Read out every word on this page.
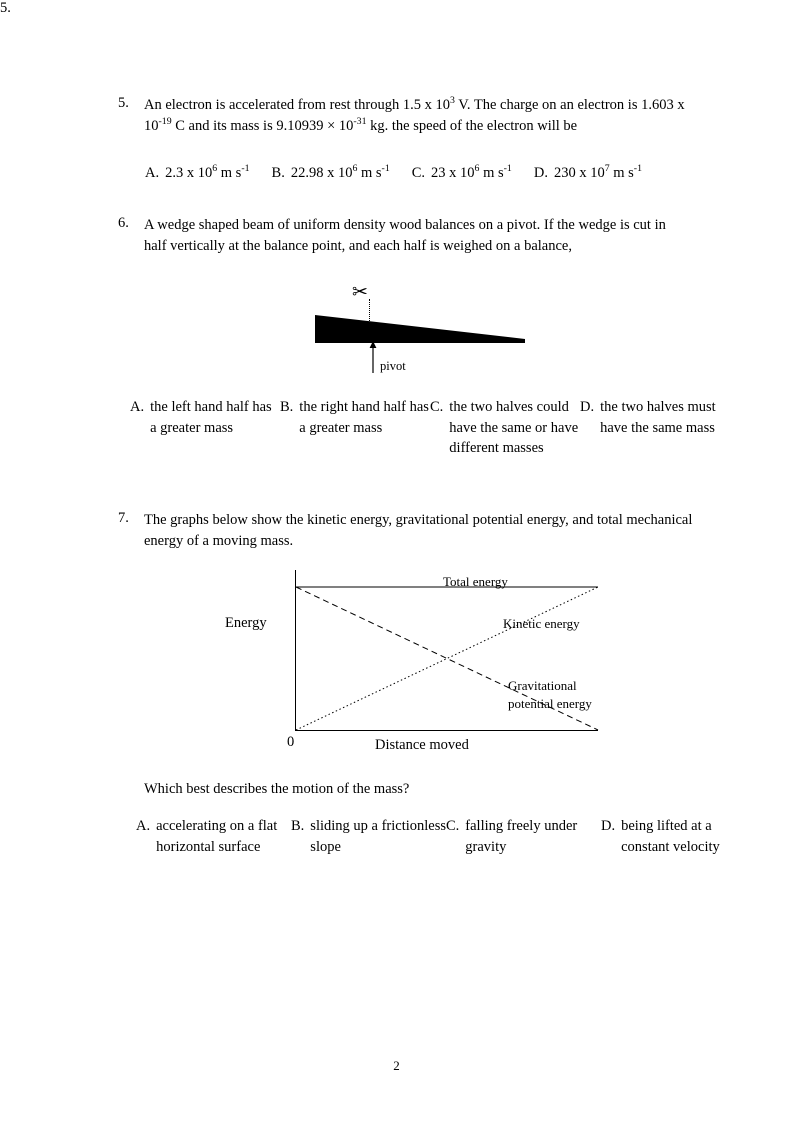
5.
An electron is accelerated from rest through 1.5 x $10^3$ V. The charge on an electron is 1.603 x $10^{-19}$ C and its mass is $9.10939 \times 10^{-31}$ kg. the speed of the electron will be
5.
A. 2.3 x $10^6$ m $s^{-1}$ B. 22.98 x $10^6$ m $s^{-1}$ C. 23 x $10^6$ m $s^{-1}$ D. 230 x $10^7$ m $s^{-1}$
6. A wedge shaped beam of uniform density wood balances on a pivot. If the wedge is cut in half vertically at the balance point, and each half is weighed on a balance,
✂
pivot
A. the left hand half has a greater mass
B. the right hand half has a greater mass
C. the two halves could have the same or have different masses
D. the two halves must have the same mass
7. The graphs below show the kinetic energy, gravitational potential energy, and total mechanical energy of a moving mass.
Energy
0	Distance moved
Total energy
Kinetic energy
Gravitational potential energy
Which best describes the motion of the mass?
A. accelerating on a flat horizontal surface
B. sliding up a frictionless slope
C. falling freely under gravity
D. being lifted at a constant velocity
2
